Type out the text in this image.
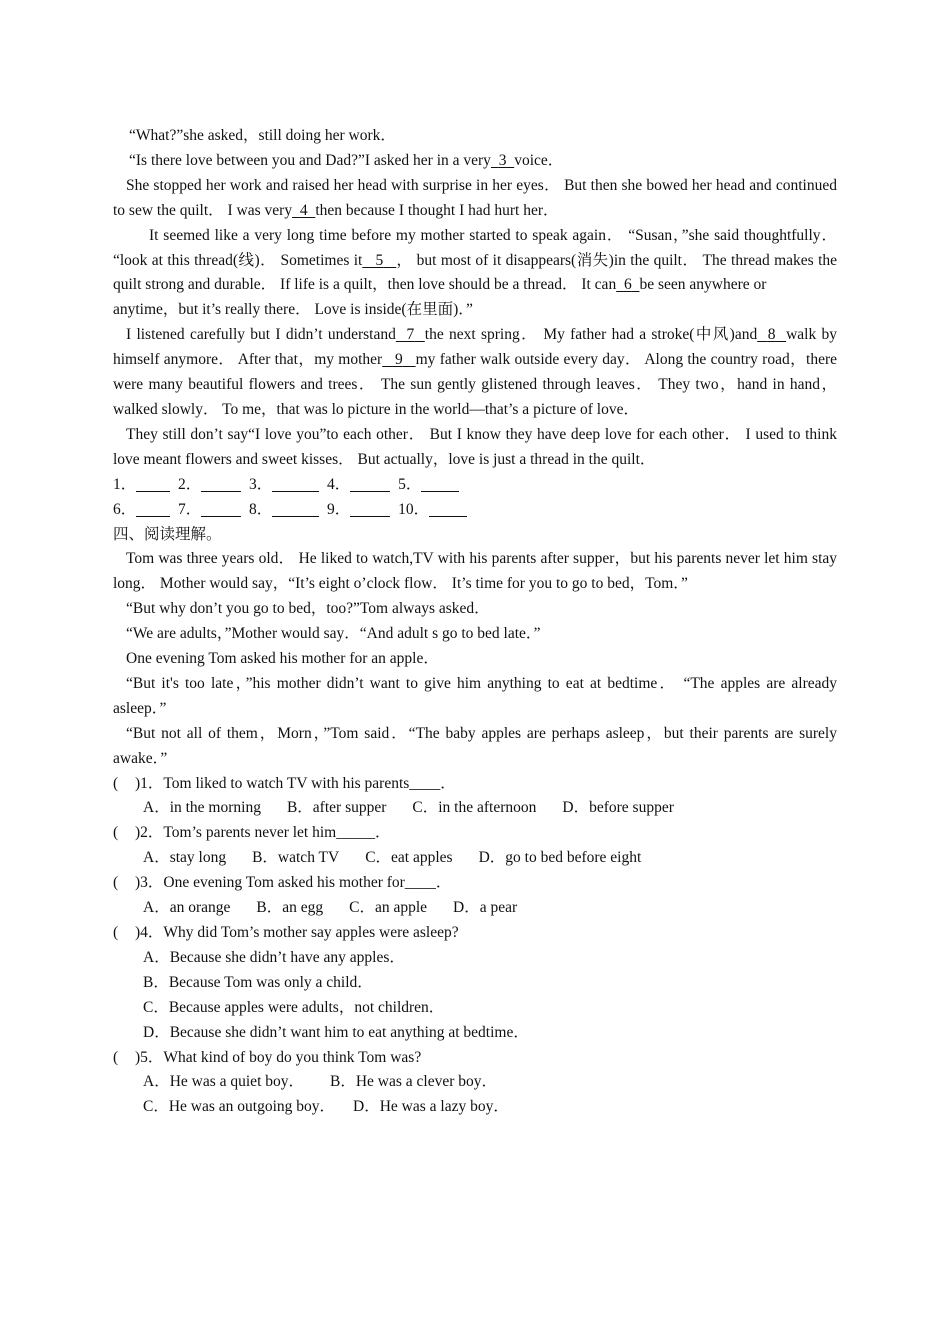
“What?”she asked，still doing her work．

“Is there love between you and Dad?”I asked her in a very 3 voice．

She stopped her work and raised her head with surprise in her eyes． But then she bowed her head and continued to sew the quilt． I was very 4 then because I thought I had hurt her．

It seemed like a very long time before my mother started to speak again． “Susan，”she said thoughtfully． “look at this thread(线)． Sometimes it 5 ， but most of it disappears(消失)in the quilt． The thread makes the quilt strong and durable． If life is a quilt，then love should be a thread． It can 6 be seen anywhere or

anytime，but it’s really there． Love is inside(在里面)．”

I listened carefully but I didn’t understand 7 the next spring． My father had a stroke(中风)and 8 walk by himself anymore． After that，my mother 9 my father walk outside every day． Along the country road，there were many beautiful flowers and trees． The sun gently glistened through leaves． They two，hand in hand，walked slowly． To me，that was lo picture in the world—that’s a picture of love．

They still don’t say“I love you”to each other． But I know they have deep love for each other． I used to think love meant flowers and sweet kisses． But actually，love is just a thread in the quilt．

1．	2．	3．	4．	5．

6．	7．	8．	9．	10．

四、阅读理解。

Tom was three years old． He liked to watch,TV with his parents after supper，but his parents never let him stay long． Mother would say，“It’s eight o’clock flow． It’s time for you to go to bed，Tom．”

“But why don’t you go to bed，too?”Tom always asked．

“We are adults，”Mother would say．“And adult s go to bed late．”

One evening Tom asked his mother for an apple．

“But it's too late，”his mother didn’t want to give him anything to eat at bedtime． “The apples are already asleep．”

“But not all of them，Morn，”Tom said．“The baby apples are perhaps asleep，but their parents are surely awake．”

( )1．Tom liked to watch TV with his parents____．

A．in the morning B．after supper C．in the afternoon D．before supper

( )2．Tom’s parents never let him_____．

A．stay long B．watch TV C．eat apples D．go to bed before eight

( )3．One evening Tom asked his mother for____．

A．an orange B．an egg C．an apple D．a pear

( )4．Why did Tom’s mother say apples were asleep?

A．Because she didn’t have any apples．

B．Because Tom was only a child．

C．Because apples were adults，not children．

D．Because she didn’t want him to eat anything at bedtime．

( )5．What kind of boy do you think Tom was?

A．He was a quiet boy． B．He was a clever boy．

C．He was an outgoing boy． D．He was a lazy boy．
